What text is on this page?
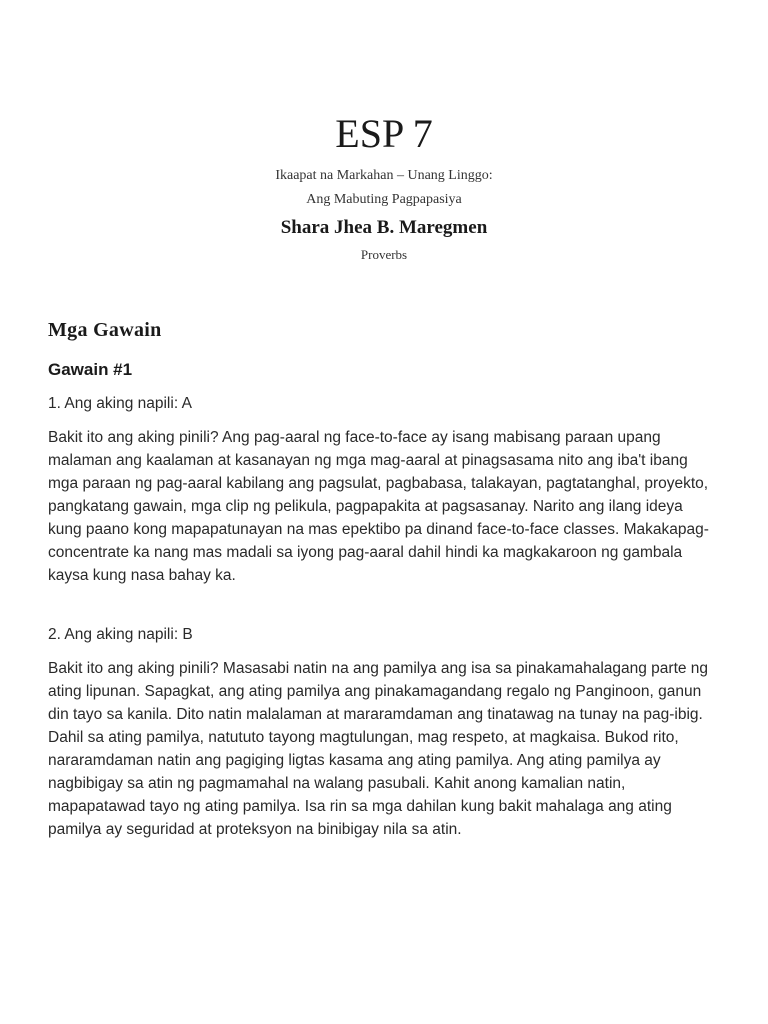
ESP 7

Ikaapat na Markahan – Unang Linggo:

Ang Mabuting Pagpapasiya

Shara Jhea B. Maregmen

Proverbs

Mga Gawain
Gawain #1

1. Ang aking napili: A

Bakit ito ang aking pinili? Ang pag-aaral ng face-to-face ay isang mabisang paraan upang malaman ang kaalaman at kasanayan ng mga mag-aaral at pinagsasama nito ang iba't ibang mga paraan ng pag-aaral kabilang ang pagsulat, pagbabasa, talakayan, pagtatanghal, proyekto, pangkatang gawain, mga clip ng pelikula, pagpapakita at pagsasanay. Narito ang ilang ideya kung paano kong mapapatunayan na mas epektibo pa dinand face-to-face classes. Makakapag-concentrate ka nang mas madali sa iyong pag-aaral dahil hindi ka magkakaroon ng gambala kaysa kung nasa bahay ka.

2. Ang aking napili: B

Bakit ito ang aking pinili? Masasabi natin na ang pamilya ang isa sa pinakamahalagang parte ng ating lipunan. Sapagkat, ang ating pamilya ang pinakamagandang regalo ng Panginoon, ganun din tayo sa kanila. Dito natin malalaman at mararamdaman ang tinatawag na tunay na pag-ibig. Dahil sa ating pamilya, natututo tayong magtulungan, mag respeto, at magkaisa. Bukod rito, nararamdaman natin ang pagiging ligtas kasama ang ating pamilya. Ang ating pamilya ay nagbibigay sa atin ng pagmamahal na walang pasubali. Kahit anong kamalian natin, mapapatawad tayo ng ating pamilya. Isa rin sa mga dahilan kung bakit mahalaga ang ating pamilya ay seguridad at proteksyon na binibigay nila sa atin.
